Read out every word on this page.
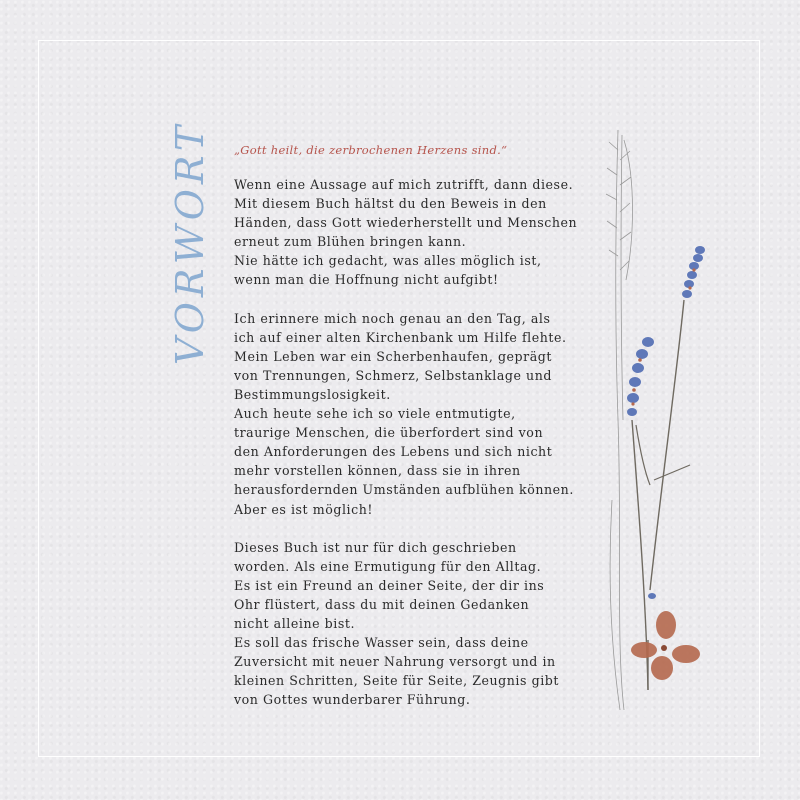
VORWORT „Gott heilt, die zerbrochenen Herzens sind.“

Wenn eine Aussage auf mich zutrifft, dann diese.
Mit diesem Buch hältst du den Beweis in den
Händen, dass Gott wiederherstellt und Menschen
erneut zum Blühen bringen kann.
Nie hätte ich gedacht, was alles möglich ist,
wenn man die Hoffnung nicht aufgibt!
Ich erinnere mich noch genau an den Tag, als
ich auf einer alten Kirchenbank um Hilfe flehte.
Mein Leben war ein Scherbenhaufen, geprägt
von Trennungen, Schmerz, Selbstanklage und
Bestimmungslosigkeit.
Auch heute sehe ich so viele entmutigte,
traurige Menschen, die überfordert sind von
den Anforderungen des Lebens und sich nicht
mehr vorstellen können, dass sie in ihren
herausfordernden Umständen aufblühen können.
Aber es ist möglich!
Dieses Buch ist nur für dich geschrieben
worden. Als eine Ermutigung für den Alltag.
Es ist ein Freund an deiner Seite, der dir ins
Ohr flüstert, dass du mit deinen Gedanken
nicht alleine bist.
Es soll das frische Wasser sein, dass deine
Zuversicht mit neuer Nahrung versorgt und in
kleinen Schritten, Seite für Seite, Zeugnis gibt
von Gottes wunderbarer Führung.
